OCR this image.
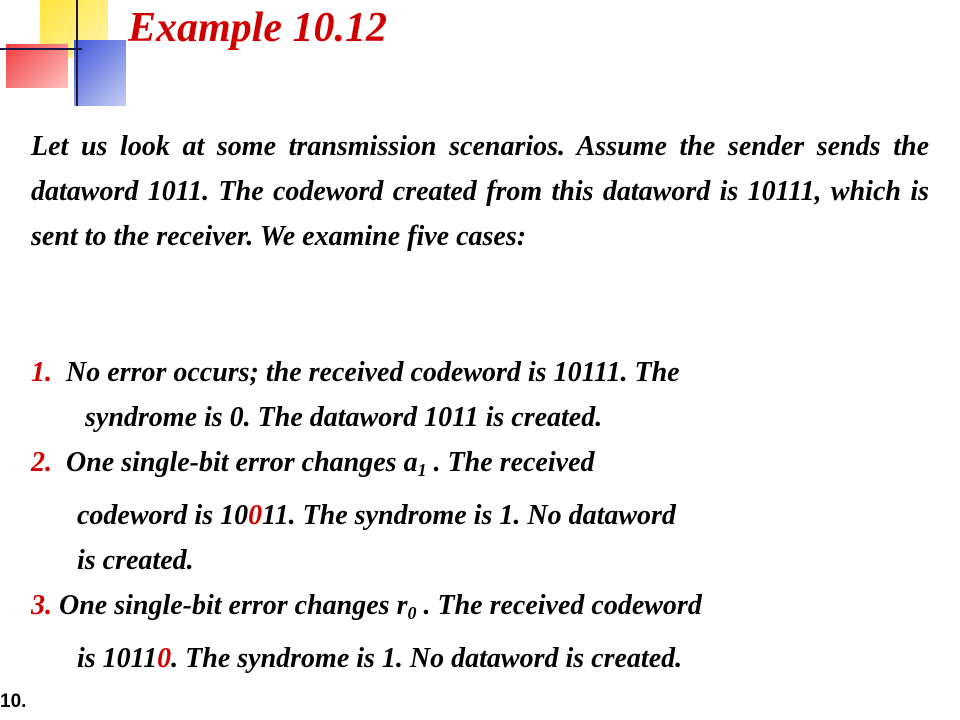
Example 10.12

Let us look at some transmission scenarios. Assume the sender sends the dataword 1011. The codeword created from this dataword is 10111, which is sent to the receiver. We examine five cases:

1. No error occurs; the received codeword is 10111. The
syndrome is 0. The dataword 1011 is created.
2. One single-bit error changes $a_1$ . The received
codeword is 10011. The syndrome is 1. No dataword
is created.
3. One single-bit error changes $r_0$ . The received codeword
is 10110. The syndrome is 1. No dataword is created.
10.
